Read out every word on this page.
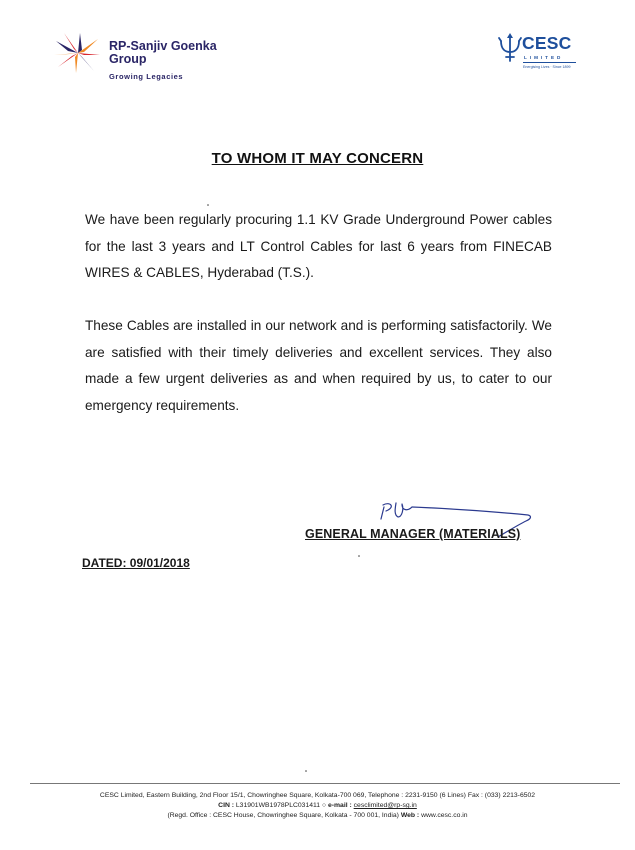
RP-Sanjiv Goenka
Group
Growing Legacies
CESC
LIMITED
Energising Lives · Since 1899
TO WHOM IT MAY CONCERN

We have been regularly procuring 1.1 KV Grade Underground Power cables for the last 3 years and LT Control Cables for last 6 years from FINECAB WIRES & CABLES, Hyderabad (T.S.).

These Cables are installed in our network and is performing satisfactorily. We are satisfied with their timely deliveries and excellent services. They also made a few urgent deliveries as and when required by us, to cater to our emergency requirements.

GENERAL MANAGER (MATERIALS)
DATED: 09/01/2018
CESC Limited, Eastern Building, 2nd Floor 15/1, Chowringhee Square, Kolkata-700 069, Telephone : 2231-9150 (6 Lines) Fax : (033) 2213-6502
CIN : L31901WB1978PLC031411 ○ e-mail : cesclimited@rp-sg.in
(Regd. Office : CESC House, Chowringhee Square, Kolkata - 700 001, India) Web : www.cesc.co.in
